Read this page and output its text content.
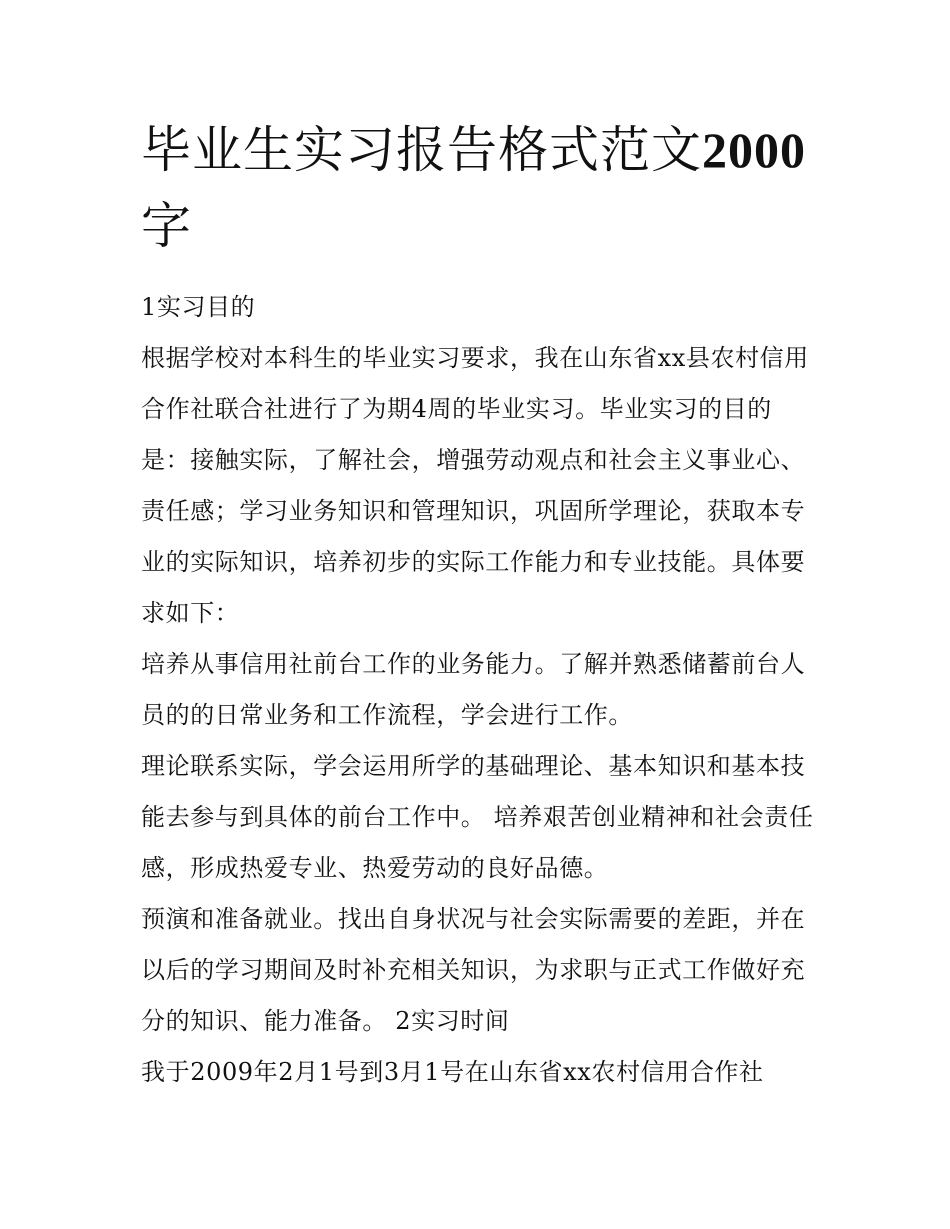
毕业生实习报告格式范文2000字

1实习目的

根据学校对本科生的毕业实习要求，我在山东省xx县农村信用合作社联合社进行了为期4周的毕业实习。毕业实习的目的是：接触实际，了解社会，增强劳动观点和社会主义事业心、责任感；学习业务知识和管理知识，巩固所学理论，获取本专业的实际知识，培养初步的实际工作能力和专业技能。具体要求如下：

培养从事信用社前台工作的业务能力。了解并熟悉储蓄前台人员的的日常业务和工作流程，学会进行工作。

理论联系实际，学会运用所学的基础理论、基本知识和基本技能去参与到具体的前台工作中。 培养艰苦创业精神和社会责任感，形成热爱专业、热爱劳动的良好品德。

预演和准备就业。找出自身状况与社会实际需要的差距，并在以后的学习期间及时补充相关知识，为求职与正式工作做好充分的知识、能力准备。 2实习时间

我于2009年2月1号到3月1号在山东省xx农村信用合作社
